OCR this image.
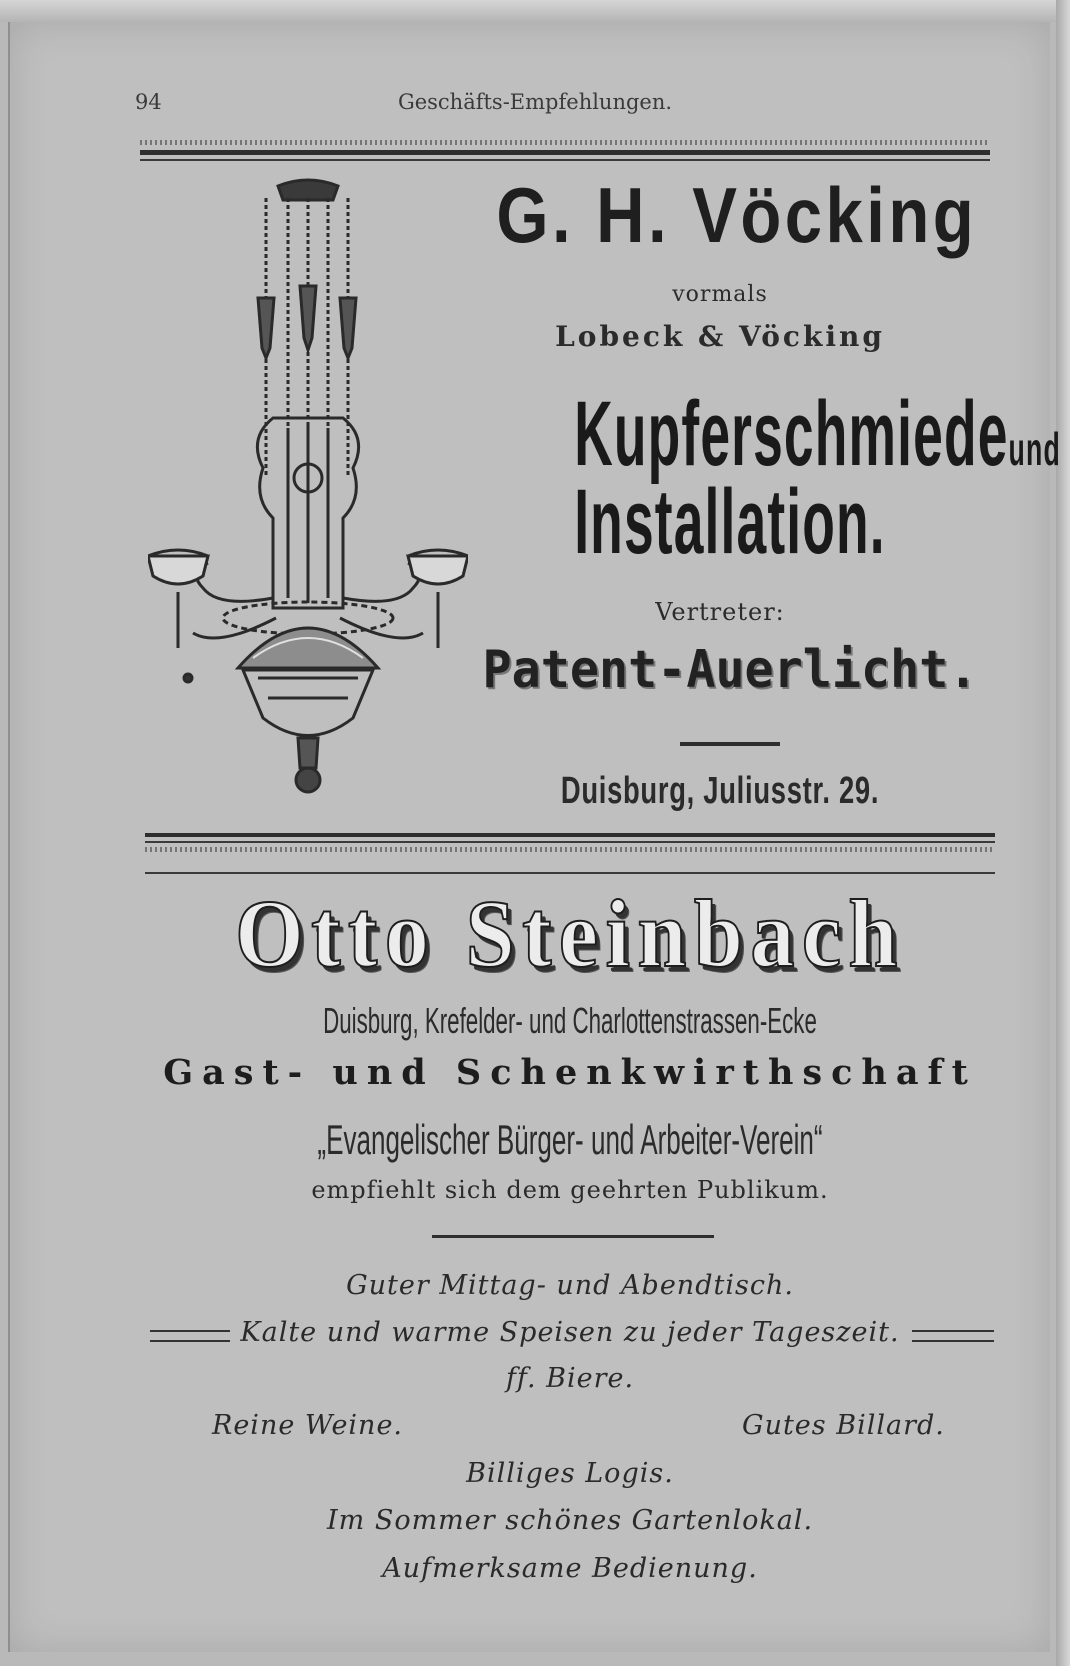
94	Geschäfts-Empfehlungen.
G. H. Vöcking
vormals
Lobeck & Vöcking
Kupferschmiedeund
Installation.
Vertreter:
Patent-Auerlicht.
Duisburg, Juliusstr. 29.
Otto Steinbach
Duisburg, Krefelder- und Charlottenstrassen-Ecke
Gast- und Schenkwirthschaft
„Evangelischer Bürger- und Arbeiter-Verein“
empfiehlt sich dem geehrten Publikum.
Guter Mittag- und Abendtisch.
Kalte und warme Speisen zu jeder Tageszeit.
ff. Biere.
Reine Weine.	Gutes Billard.
Billiges Logis.
Im Sommer schönes Gartenlokal.
Aufmerksame Bedienung.
